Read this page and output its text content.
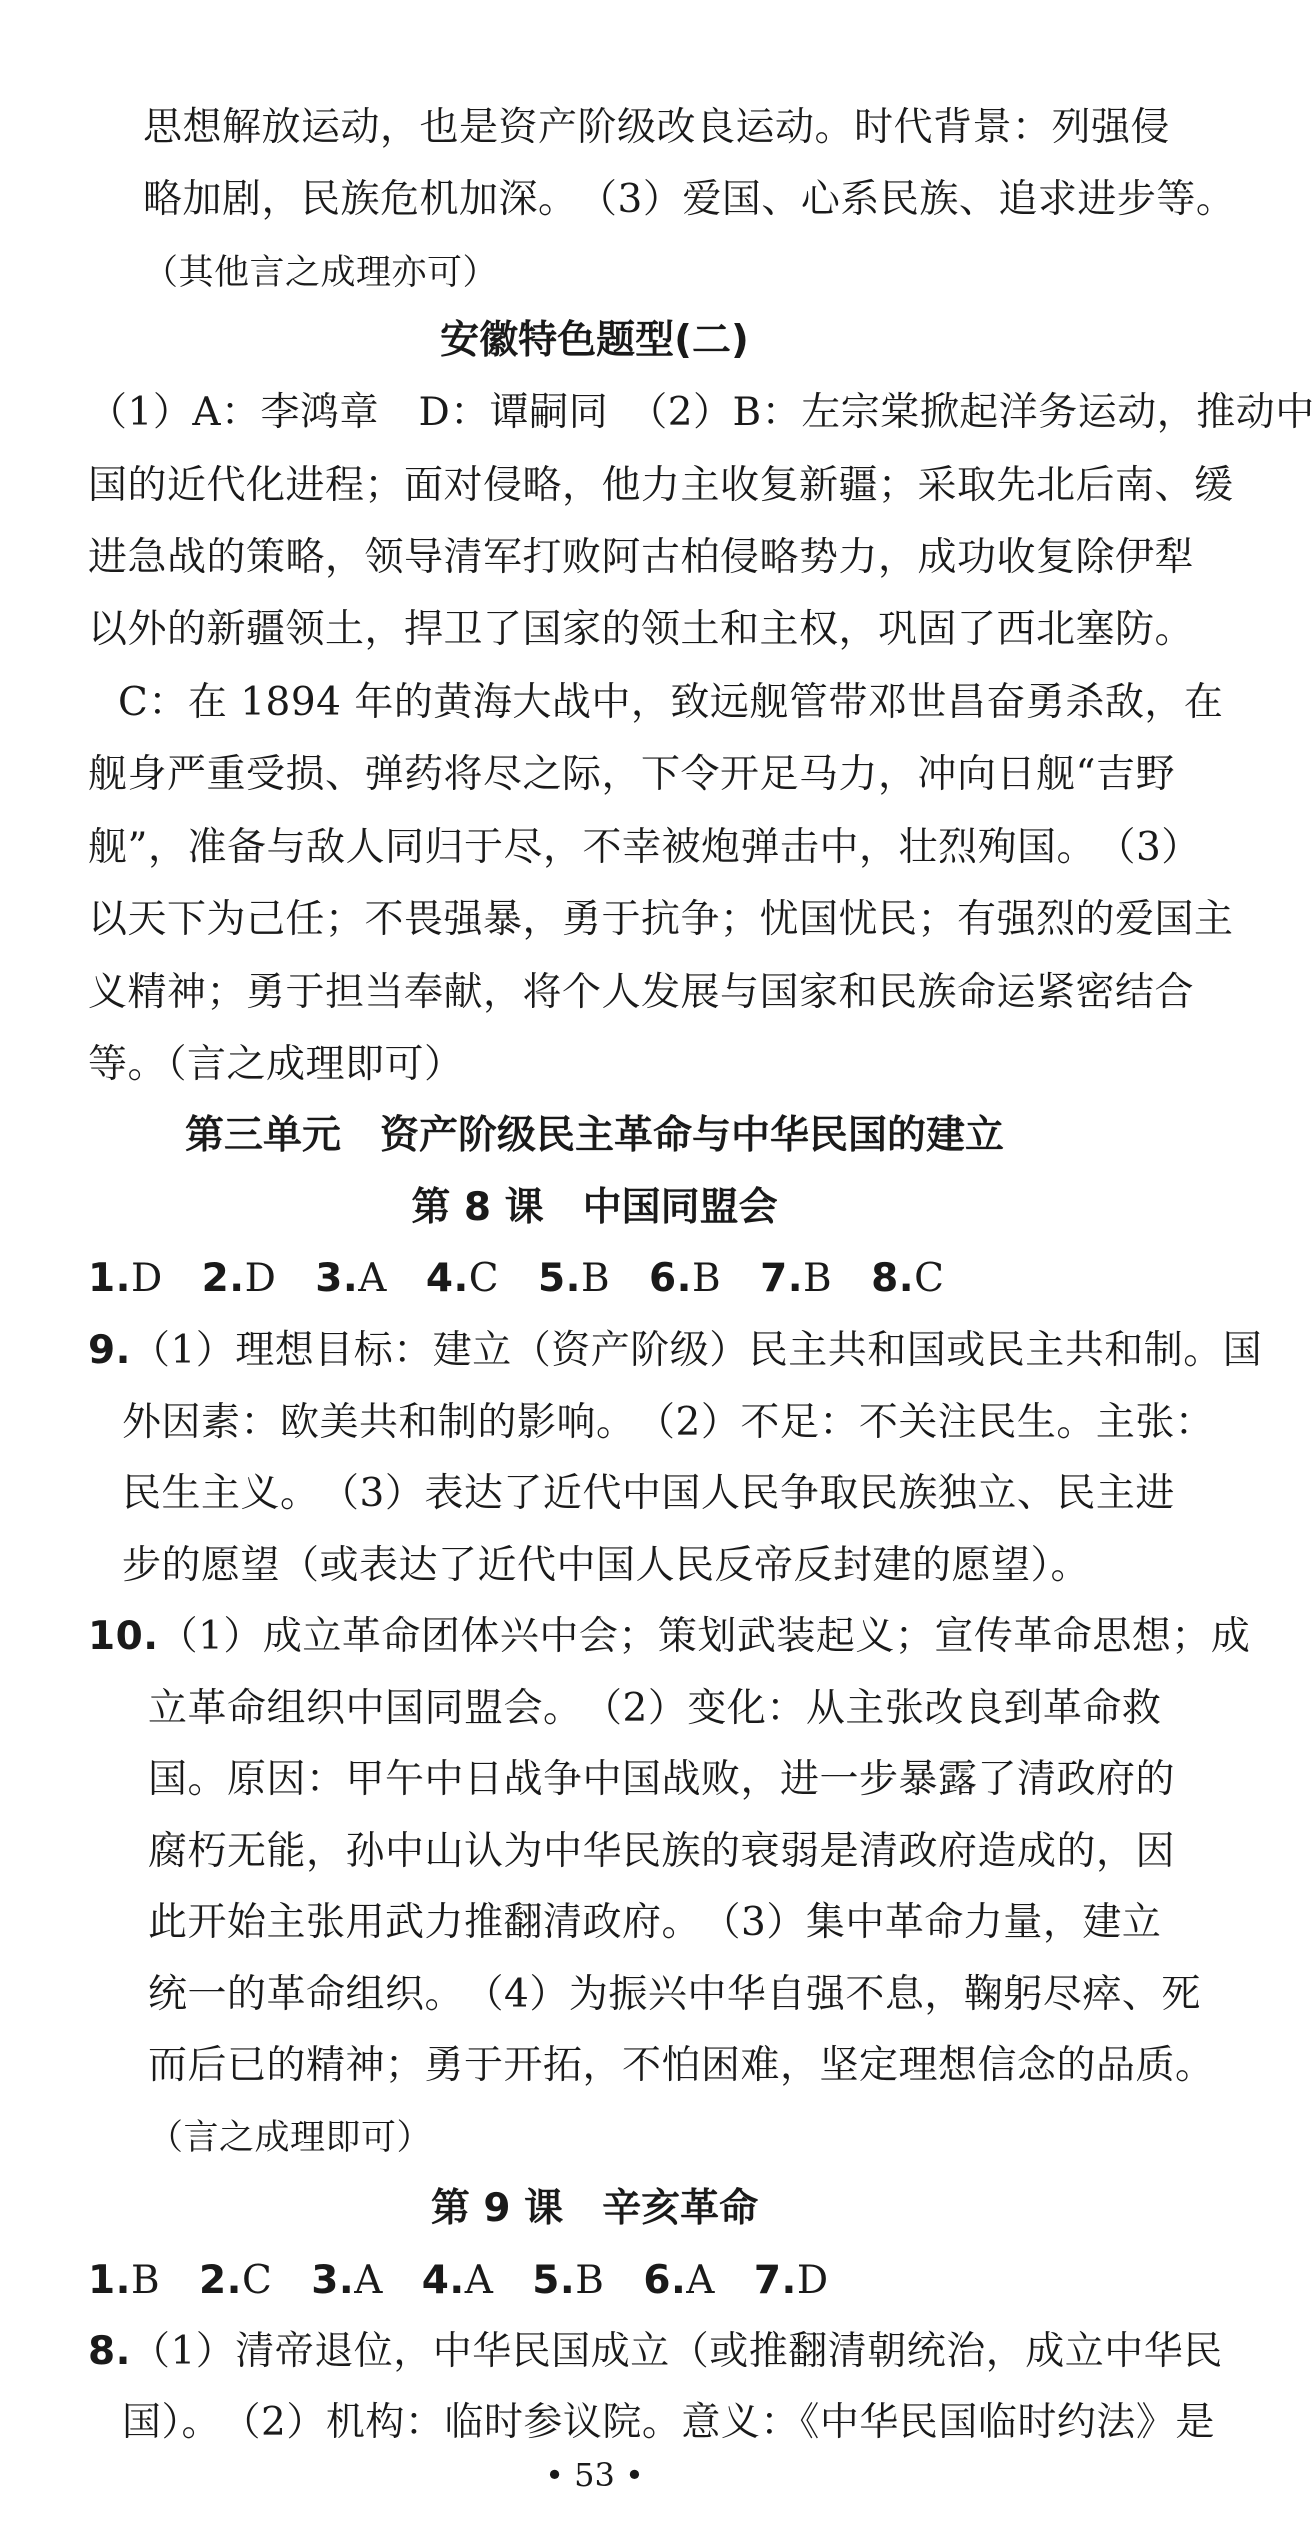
思想解放运动，也是资产阶级改良运动。时代背景：列强侵
略加剧，民族危机加深。　（3）爱国、心系民族、追求进步等。
（其他言之成理亦可）
安徽特色题型(二)
（1）A：李鸿章　D：谭嗣同　（2）B：左宗棠掀起洋务运动，推动中
国的近代化进程；面对侵略，他力主收复新疆；采取先北后南、缓
进急战的策略，领导清军打败阿古柏侵略势力，成功收复除伊犁
以外的新疆领土，捍卫了国家的领土和主权，巩固了西北塞防。
C：在 1894 年的黄海大战中，致远舰管带邓世昌奋勇杀敌，在
舰身严重受损、弹药将尽之际，下令开足马力，冲向日舰“吉野
舰”，准备与敌人同归于尽，不幸被炮弹击中，壮烈殉国。　（3）
以天下为己任；不畏强暴，勇于抗争；忧国忧民；有强烈的爱国主
义精神；勇于担当奉献，将个人发展与国家和民族命运紧密结合
等。（言之成理即可）
第三单元　资产阶级民主革命与中华民国的建立
第 8 课　中国同盟会
1.D 2.D 3.A 4.C 5.B 6.B 7.B 8.C
9.（1）理想目标：建立（资产阶级）民主共和国或民主共和制。国
外因素：欧美共和制的影响。　（2）不足：不关注民生。主张：
民生主义。　（3）表达了近代中国人民争取民族独立、民主进
步的愿望（或表达了近代中国人民反帝反封建的愿望）。
10.（1）成立革命团体兴中会；策划武装起义；宣传革命思想；成
立革命组织中国同盟会。　（2）变化：从主张改良到革命救
国。原因：甲午中日战争中国战败，进一步暴露了清政府的
腐朽无能，孙中山认为中华民族的衰弱是清政府造成的，因
此开始主张用武力推翻清政府。　（3）集中革命力量，建立
统一的革命组织。　（4）为振兴中华自强不息，鞠躬尽瘁、死
而后已的精神；勇于开拓，不怕困难，坚定理想信念的品质。
（言之成理即可）
第 9 课　辛亥革命
1.B 2.C 3.A 4.A 5.B 6.A 7.D
8.（1）清帝退位，中华民国成立（或推翻清朝统治，成立中华民
国）。　（2）机构：临时参议院。意义：《中华民国临时约法》是
• 53 •
